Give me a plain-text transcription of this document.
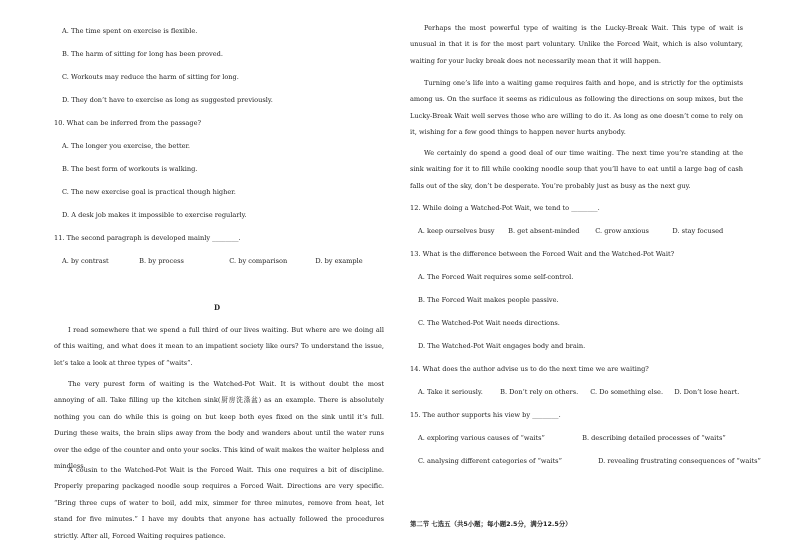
A. The time spent on exercise is flexible.
B. The harm of sitting for long has been proved.
C. Workouts may reduce the harm of sitting for long.
D. They don’t have to exercise as long as suggested previously.
10. What can be inferred from the passage?
A. The longer you exercise, the better.
B. The best form of workouts is walking.
C. The new exercise goal is practical though higher.
D. A desk job makes it impossible to exercise regularly.
11. The second paragraph is developed mainly ________.
A. by contrast	B. by process	C. by comparison	D. by example
D
I read somewhere that we spend a full third of our lives waiting. But where are we doing all of this waiting, and what does it mean to an impatient society like ours? To understand the issue, let’s take a look at three types of “waits”.
The very purest form of waiting is the Watched-Pot Wait. It is without doubt the most annoying of all. Take filling up the kitchen sink(厨房洗涤盆) as an example. There is absolutely nothing you can do while this is going on but keep both eyes fixed on the sink until it’s full. During these waits, the brain slips away from the body and wanders about until the water runs over the edge of the counter and onto your socks. This kind of wait makes the waiter helpless and mindless.
A cousin to the Watched-Pot Wait is the Forced Wait. This one requires a bit of discipline. Properly preparing packaged noodle soup requires a Forced Wait. Directions are very specific. “Bring three cups of water to boil, add mix, simmer for three minutes, remove from heat, let stand for five minutes.” I have my doubts that anyone has actually followed the procedures strictly. After all, Forced Waiting requires patience.
Perhaps the most powerful type of waiting is the Lucky-Break Wait. This type of wait is unusual in that it is for the most part voluntary. Unlike the Forced Wait, which is also voluntary, waiting for your lucky break does not necessarily mean that it will happen.
Turning one’s life into a waiting game requires faith and hope, and is strictly for the optimists among us. On the surface it seems as ridiculous as following the directions on soup mixes, but the Lucky-Break Wait well serves those who are willing to do it. As long as one doesn’t come to rely on it, wishing for a few good things to happen never hurts anybody.
We certainly do spend a good deal of our time waiting. The next time you’re standing at the sink waiting for it to fill while cooking noodle soup that you’ll have to eat until a large bag of cash falls out of the sky, don’t be desperate. You’re probably just as busy as the next guy.
12. While doing a Watched-Pot Wait, we tend to ________.
A. keep ourselves busy B. get absent-minded C. grow anxious	D. stay focused
13. What is the difference between the Forced Wait and the Watched-Pot Wait?
A. The Forced Wait requires some self-control.
B. The Forced Wait makes people passive.
C. The Watched-Pot Wait needs directions.
D. The Watched-Pot Wait engages body and brain.
14. What does the author advise us to do the next time we are waiting?
A. Take it seriously.	B. Don’t rely on others. C. Do something else. D. Don’t lose heart.
15. The author supports his view by ________.
A. exploring various causes of “waits”	B. describing detailed processes of “waits”
C. analysing different categories of “waits”	D. revealing frustrating consequences of “waits”
第二节 七选五（共5小题；每小题2.5分，满分12.5分）
